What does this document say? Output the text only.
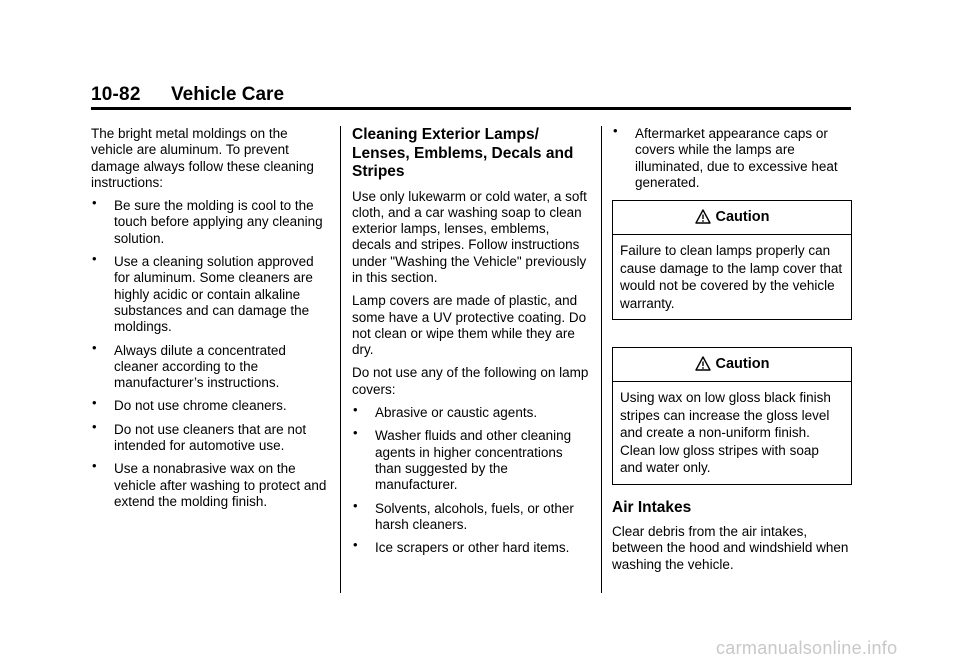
10-82 Vehicle Care

The bright metal moldings on the vehicle are aluminum. To prevent damage always follow these cleaning instructions:

• Be sure the molding is cool to the touch before applying any cleaning solution.
• Use a cleaning solution approved for aluminum. Some cleaners are highly acidic or contain alkaline substances and can damage the moldings.
• Always dilute a concentrated cleaner according to the manufacturer’s instructions.
• Do not use chrome cleaners.
• Do not use cleaners that are not intended for automotive use.
• Use a nonabrasive wax on the vehicle after washing to protect and extend the molding finish.
Cleaning Exterior Lamps/ Lenses, Emblems, Decals and Stripes

Use only lukewarm or cold water, a soft cloth, and a car washing soap to clean exterior lamps, lenses, emblems, decals and stripes. Follow instructions under "Washing the Vehicle" previously in this section.

Lamp covers are made of plastic, and some have a UV protective coating. Do not clean or wipe them while they are dry.

Do not use any of the following on lamp covers:

• Abrasive or caustic agents.
• Washer fluids and other cleaning agents in higher concentrations than suggested by the manufacturer.
• Solvents, alcohols, fuels, or other harsh cleaners.
• Ice scrapers or other hard items.
• Aftermarket appearance caps or covers while the lamps are illuminated, due to excessive heat generated.
Caution
Failure to clean lamps properly can cause damage to the lamp cover that would not be covered by the vehicle warranty.
Caution
Using wax on low gloss black finish stripes can increase the gloss level and create a non-uniform finish. Clean low gloss stripes with soap and water only.
Air Intakes

Clear debris from the air intakes, between the hood and windshield when washing the vehicle.

carmanualsonline.info
